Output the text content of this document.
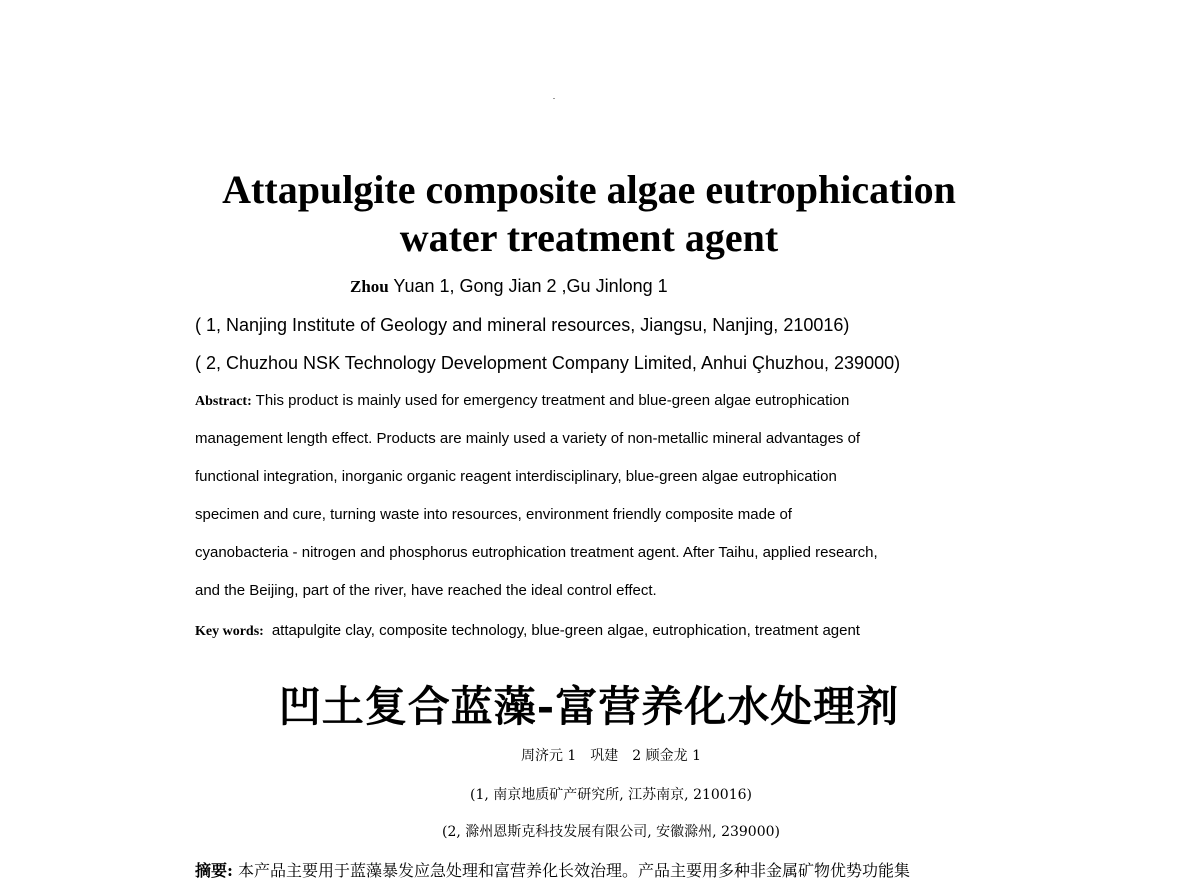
Attapulgite composite algae eutrophication
water treatment agent
Zhou Yuan 1, Gong Jian 2 ,Gu Jinlong 1
( 1, Nanjing Institute of Geology and mineral resources, Jiangsu, Nanjing, 210016)
( 2, Chuzhou NSK Technology Development Company Limited, Anhui Çhuzhou, 239000)
Abstract: This product is mainly used for emergency treatment and blue-green algae eutrophication
management length effect. Products are mainly used a variety of non-metallic mineral advantages of
functional integration, inorganic organic reagent interdisciplinary, blue-green algae eutrophication
specimen and cure, turning waste into resources, environment friendly composite made of
cyanobacteria - nitrogen and phosphorus eutrophication treatment agent. After Taihu, applied research,
and the Beijing, part of the river, have reached the ideal control effect.
Key words: attapulgite clay, composite technology, blue-green algae, eutrophication, treatment agent
凹土复合蓝藻-富营养化水处理剂
周济元 1　巩建　2 顾金龙 1
(1, 南京地质矿产研究所, 江苏南京, 210016)
(2, 滁州恩斯克科技发展有限公司, 安徽滁州, 239000)
摘要: 本产品主要用于蓝藻暴发应急处理和富营养化长效治理。产品主要用多种非金属矿物优势功能集
